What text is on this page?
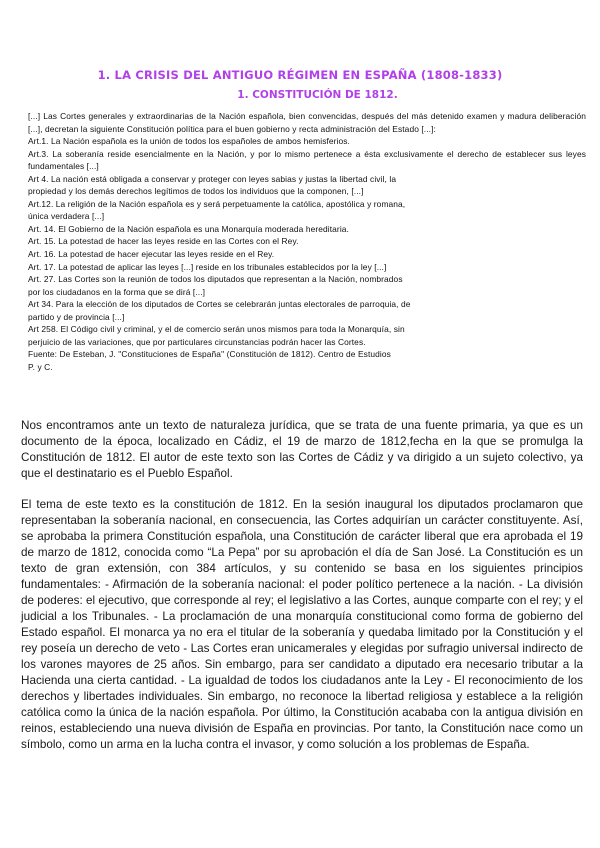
1. LA CRISIS DEL ANTIGUO RÉGIMEN EN ESPAÑA (1808-1833)
1. CONSTITUCIÓN DE 1812.
[...] Las Cortes generales y extraordinarias de la Nación española, bien convencidas, después del más detenido examen y madura deliberación [...], decretan la siguiente Constitución política para el buen gobierno y recta administración del Estado [...]:
Art.1. La Nación española es la unión de todos los españoles de ambos hemisferios.
Art.3. La soberanía reside esencialmente en la Nación, y por lo mismo pertenece a ésta exclusivamente el derecho de establecer sus leyes fundamentales [...]
Art 4. La nación está obligada a conservar y proteger con leyes sabias y justas la libertad civil, la
propiedad y los demás derechos legítimos de todos los individuos que la componen, [...]
Art.12. La religión de la Nación española es y será perpetuamente la católica, apostólica y romana,
única verdadera [...]
Art. 14. El Gobierno de la Nación española es una Monarquía moderada hereditaria.
Art. 15. La potestad de hacer las leyes reside en las Cortes con el Rey.
Art. 16. La potestad de hacer ejecutar las leyes reside en el Rey.
Art. 17. La potestad de aplicar las leyes [...] reside en los tribunales establecidos por la ley [...]
Art. 27. Las Cortes son la reunión de todos los diputados que representan a la Nación, nombrados
por los ciudadanos en la forma que se dirá [...]
Art 34. Para la elección de los diputados de Cortes se celebrarán juntas electorales de parroquia, de
partido y de provincia [...]
Art 258. El Código civil y criminal, y el de comercio serán unos mismos para toda la Monarquía, sin
perjuicio de las variaciones, que por particulares circunstancias podrán hacer las Cortes.
Fuente: De Esteban, J. "Constituciones de España" (Constitución de 1812). Centro de Estudios
P. y C.

Nos encontramos ante un texto de naturaleza jurídica, que se trata de una fuente primaria, ya que es un documento de la época, localizado en Cádiz, el 19 de marzo de 1812,fecha en la que se promulga la Constitución de 1812. El autor de este texto son las Cortes de Cádiz y va dirigido a un sujeto colectivo, ya que el destinatario es el Pueblo Español.

El tema de este texto es la constitución de 1812. En la sesión inaugural los diputados proclamaron que representaban la soberanía nacional, en consecuencia, las Cortes adquirían un carácter constituyente. Así, se aprobaba la primera Constitución española, una Constitución de carácter liberal que era aprobada el 19 de marzo de 1812, conocida como “La Pepa” por su aprobación el día de San José. La Constitución es un texto de gran extensión, con 384 artículos, y su contenido se basa en los siguientes principios fundamentales: - Afirmación de la soberanía nacional: el poder político pertenece a la nación. - La división de poderes: el ejecutivo, que corresponde al rey; el legislativo a las Cortes, aunque comparte con el rey; y el judicial a los Tribunales. - La proclamación de una monarquía constitucional como forma de gobierno del Estado español. El monarca ya no era el titular de la soberanía y quedaba limitado por la Constitución y el rey poseía un derecho de veto - Las Cortes eran unicamerales y elegidas por sufragio universal indirecto de los varones mayores de 25 años. Sin embargo, para ser candidato a diputado era necesario tributar a la Hacienda una cierta cantidad. - La igualdad de todos los ciudadanos ante la Ley - El reconocimiento de los derechos y libertades individuales. Sin embargo, no reconoce la libertad religiosa y establece a la religión católica como la única de la nación española. Por último, la Constitución acababa con la antigua división en reinos, estableciendo una nueva división de España en provincias. Por tanto, la Constitución nace como un símbolo, como un arma en la lucha contra el invasor, y como solución a los problemas de España.
